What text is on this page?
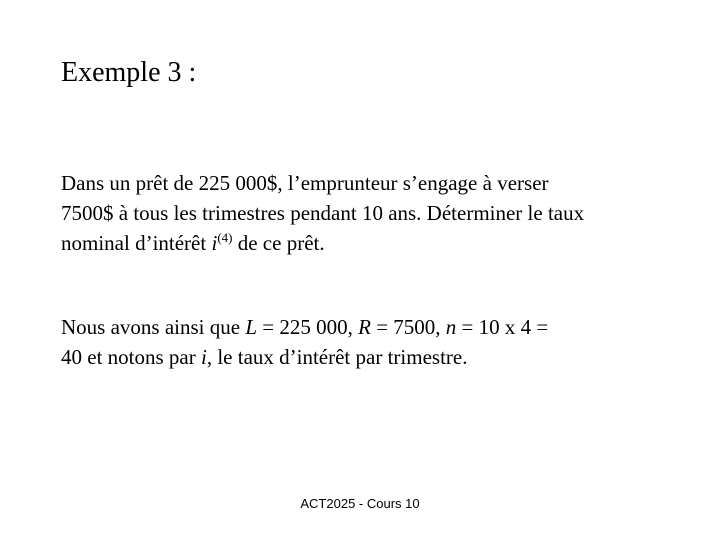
Exemple 3 :
Dans un prêt de 225 000$, l’emprunteur s’engage à verser
7500$ à tous les trimestres pendant 10 ans. Déterminer le taux
nominal d’intérêt $i^{(4)}$ de ce prêt.
Nous avons ainsi que L = 225 000, R = 7500, n = 10 x 4 =
40 et notons par i, le taux d’intérêt par trimestre.
ACT2025 - Cours 10
